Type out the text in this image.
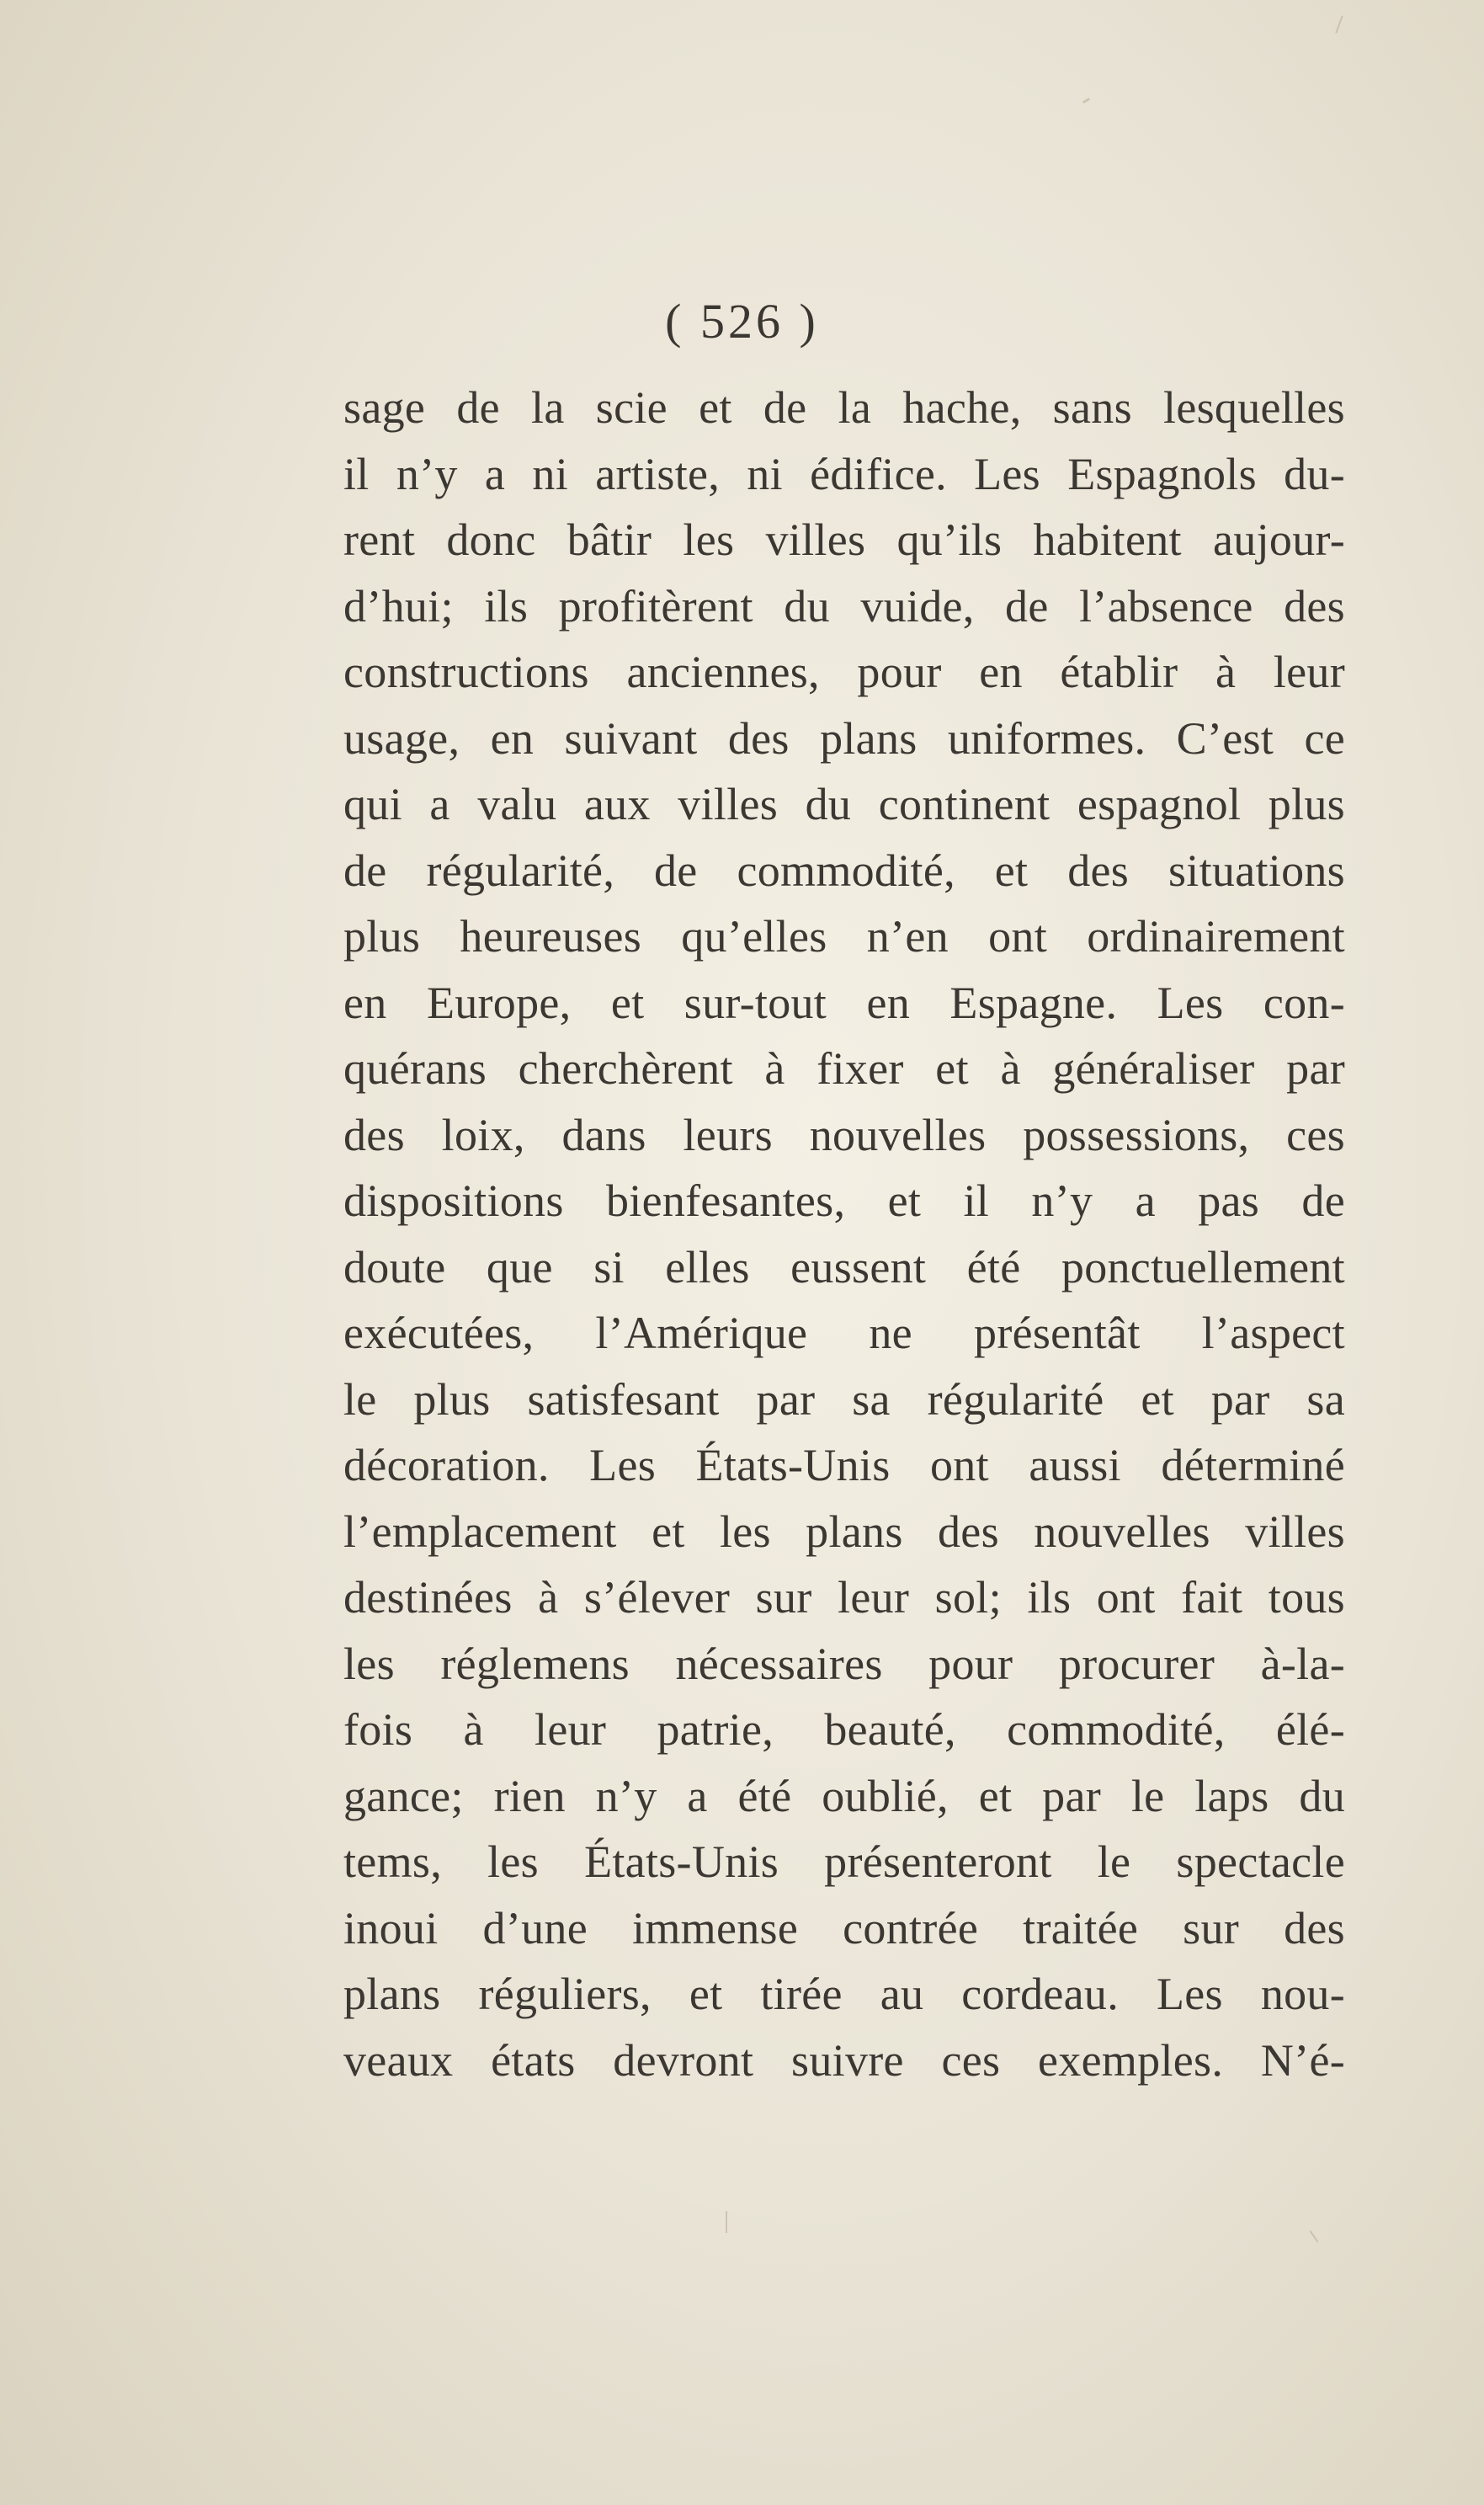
( 526 )
sage de la scie et de la hache, sans lesquelles
il n’y a ni artiste, ni édifice. Les Espagnols du-
rent donc bâtir les villes qu’ils habitent aujour-
d’hui; ils profitèrent du vuide, de l’absence des
constructions anciennes, pour en établir à leur
usage, en suivant des plans uniformes. C’est ce
qui a valu aux villes du continent espagnol plus
de régularité, de commodité, et des situations
plus heureuses qu’elles n’en ont ordinairement
en Europe, et sur-tout en Espagne. Les con-
quérans cherchèrent à fixer et à généraliser par
des loix, dans leurs nouvelles possessions, ces
dispositions bienfesantes, et il n’y a pas de
doute que si elles eussent été ponctuellement
exécutées, l’Amérique ne présentât l’aspect
le plus satisfesant par sa régularité et par sa
décoration. Les États-Unis ont aussi déterminé
l’emplacement et les plans des nouvelles villes
destinées à s’élever sur leur sol; ils ont fait tous
les réglemens nécessaires pour procurer à-la-
fois à leur patrie, beauté, commodité, élé-
gance; rien n’y a été oublié, et par le laps du
tems, les États-Unis présenteront le spectacle
inoui d’une immense contrée traitée sur des
plans réguliers, et tirée au cordeau. Les nou-
veaux états devront suivre ces exemples. N’é-
